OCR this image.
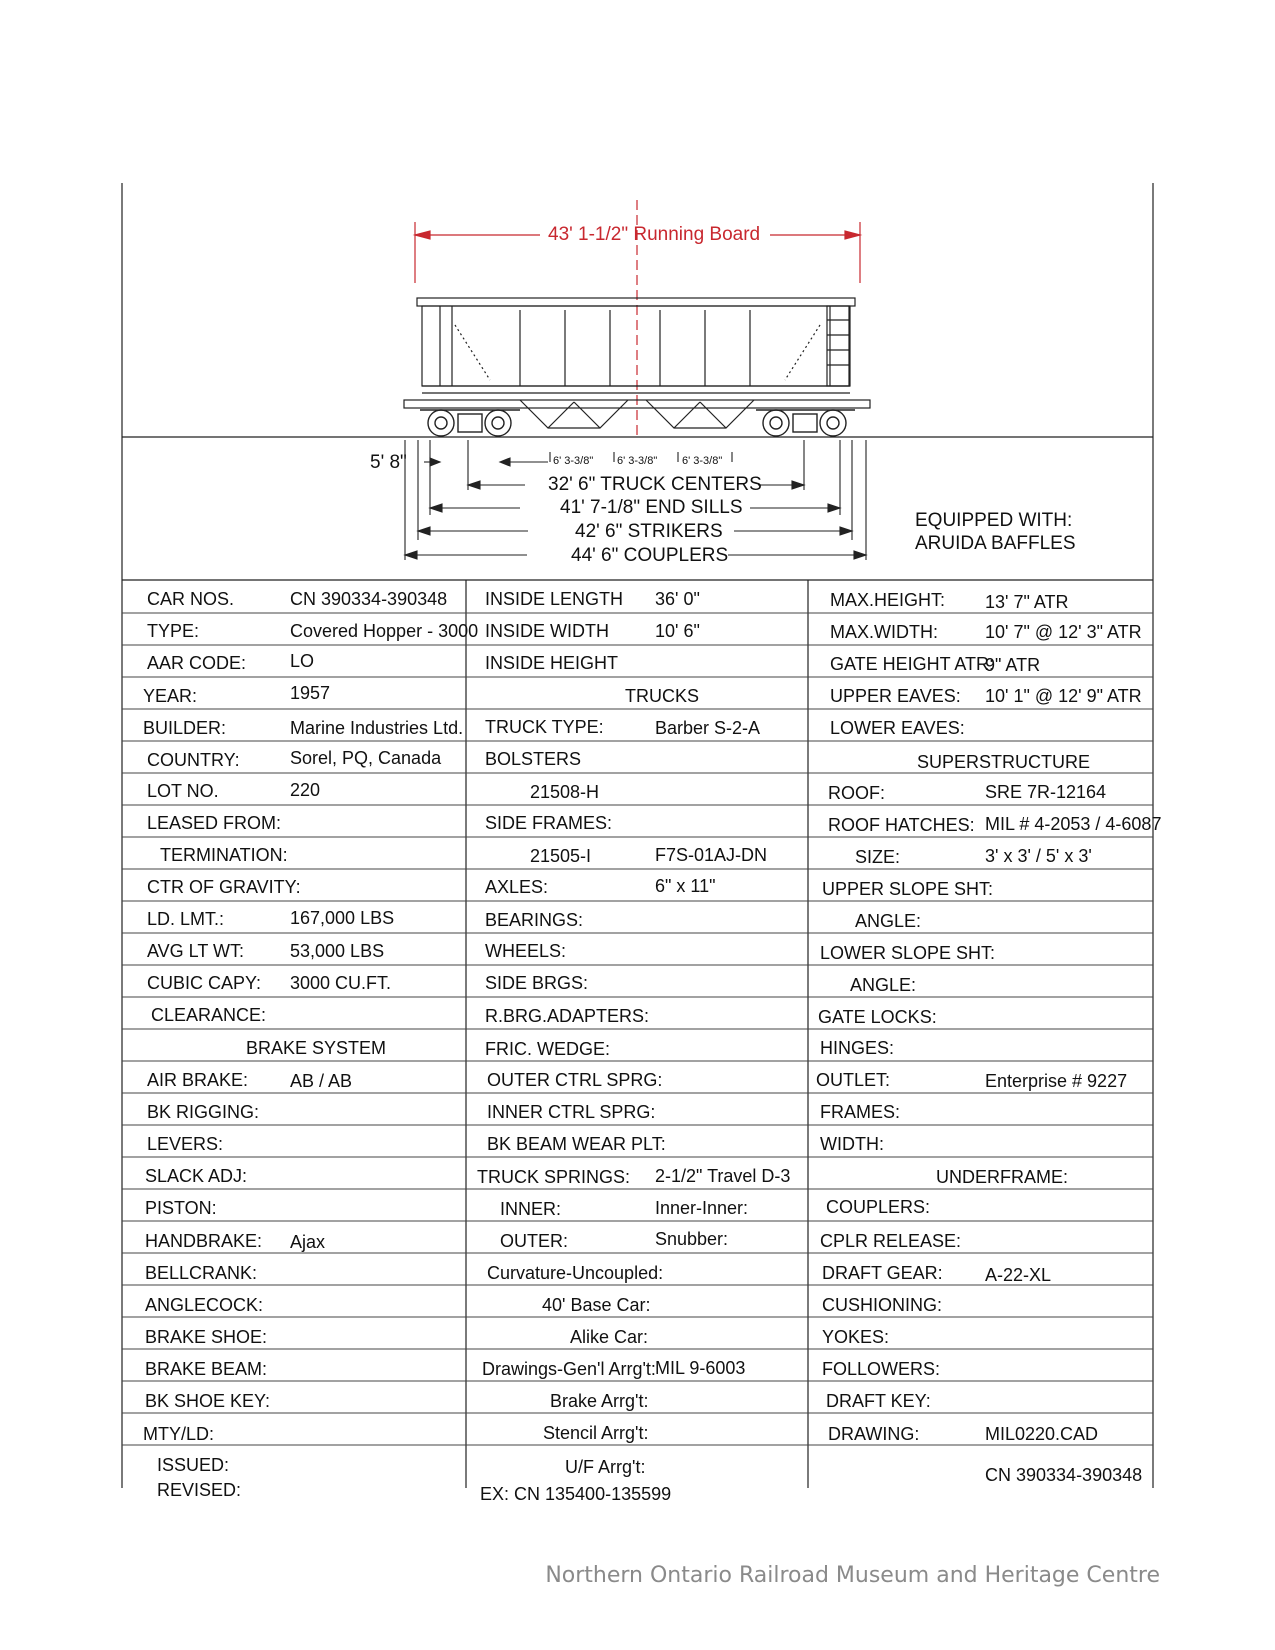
43' 1-1/2" Running Board
5' 8"	6' 3-3/8" 6' 3-3/8" 6' 3-3/8"
32' 6" TRUCK CENTERS
41' 7-1/8" END SILLS
42' 6" STRIKERS
44' 6" COUPLERS
EQUIPPED WITH:
ARUIDA BAFFLES
CAR NOS.	CN 390334-390348
TYPE:	Covered Hopper - 3000
AAR CODE: LO
YEAR:	1957
BUILDER:	Marine Industries Ltd.
COUNTRY:	Sorel, PQ, Canada
LOT NO.	220
LEASED FROM:
TERMINATION:
CTR OF GRAVITY:
LD. LMT.:	167,000 LBS
AVG LT WT:	53,000 LBS
CUBIC CAPY: 3000 CU.FT.
CLEARANCE:
BRAKE SYSTEM
AIR BRAKE: AB / AB
BK RIGGING:
LEVERS:
SLACK ADJ:
PISTON:
HANDBRAKE: Ajax
BELLCRANK:
ANGLECOCK:
BRAKE SHOE:
BRAKE BEAM:
BK SHOE KEY:
MTY/LD:
ISSUED:
REVISED:
INSIDE LENGTH 36' 0"
INSIDE WIDTH	10' 6"
INSIDE HEIGHT
TRUCKS
TRUCK TYPE:	Barber S-2-A
BOLSTERS
21508-H
SIDE FRAMES:
21505-I	F7S-01AJ-DN
AXLES:	6" x 11"
BEARINGS:
WHEELS:
SIDE BRGS:
R.BRG.ADAPTERS:
FRIC. WEDGE:
OUTER CTRL SPRG:
INNER CTRL SPRG:
BK BEAM WEAR PLT:
TRUCK SPRINGS: 2-1/2" Travel D-3
INNER:	Inner-Inner:
OUTER:	Snubber:
Curvature-Uncoupled:
40' Base Car:
Alike Car:
Drawings-Gen'l Arrg't: MIL 9-6003
Brake Arrg't:
Stencil Arrg't:
U/F Arrg't:
EX: CN 135400-135599
MAX.HEIGHT: 13' 7" ATR
MAX.WIDTH:	10' 7" @ 12' 3" ATR
GATE HEIGHT ATR:
9" ATR
UPPER EAVES: 10' 1" @ 12' 9" ATR
LOWER EAVES:
SUPERSTRUCTURE
ROOF:	SRE 7R-12164
ROOF HATCHES: MIL # 4-2053 / 4-6087
SIZE:	3' x 3' / 5' x 3'
UPPER SLOPE SHT:
ANGLE:
LOWER SLOPE SHT:
ANGLE:
GATE LOCKS:
HINGES:
OUTLET:	Enterprise # 9227
FRAMES:
WIDTH:
UNDERFRAME:
COUPLERS:
CPLR RELEASE:
DRAFT GEAR: A-22-XL
CUSHIONING:
YOKES:
FOLLOWERS:
DRAFT KEY:
DRAWING:	MIL0220.CAD
CN 390334-390348
Northern Ontario Railroad Museum and Heritage Centre
